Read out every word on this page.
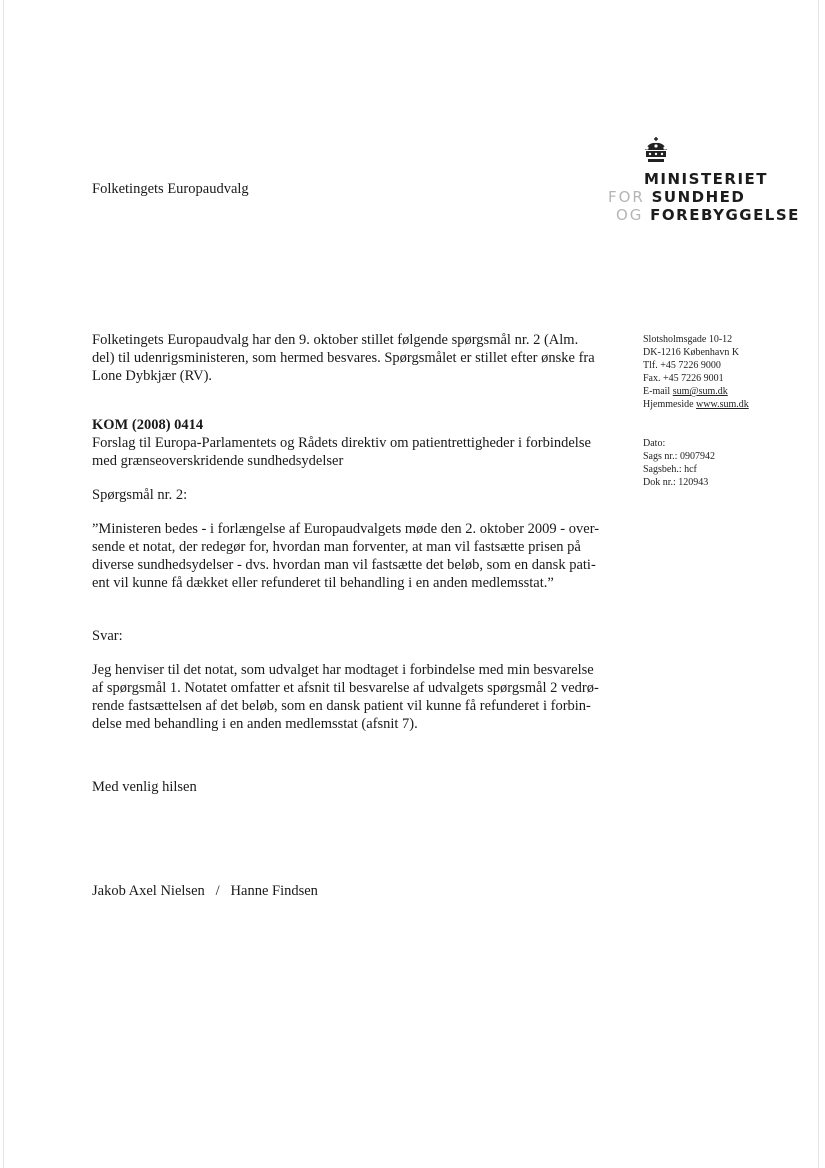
Folketingets Europaudvalg
MINISTERIET
FOR SUNDHED
OG FOREBYGGELSE
Slotsholmsgade 10-12
DK-1216 København K
Tlf. +45 7226 9000
Fax. +45 7226 9001
E-mail sum@sum.dk
Hjemmeside www.sum.dk
Dato:
Sags nr.: 0907942
Sagsbeh.: hcf
Dok nr.: 120943

Folketingets Europaudvalg har den 9. oktober stillet følgende spørgsmål nr. 2 (Alm.

del) til udenrigsministeren, som hermed besvares. Spørgsmålet er stillet efter ønske fra

Lone Dybkjær (RV).

KOM (2008) 0414

Forslag til Europa-Parlamentets og Rådets direktiv om patientrettigheder i forbindelse

med grænseoverskridende sundhedsydelser

Spørgsmål nr. 2:

”Ministeren bedes - i forlængelse af Europaudvalgets møde den 2. oktober 2009 - over-

sende et notat, der redegør for, hvordan man forventer, at man vil fastsætte prisen på

diverse sundhedsydelser - dvs. hvordan man vil fastsætte det beløb, som en dansk pati-

ent vil kunne få dækket eller refunderet til behandling i en anden medlemsstat.”

Svar:

Jeg henviser til det notat, som udvalget har modtaget i forbindelse med min besvarelse

af spørgsmål 1. Notatet omfatter et afsnit til besvarelse af udvalgets spørgsmål 2 vedrø-

rende fastsættelsen af det beløb, som en dansk patient vil kunne få refunderet i forbin-

delse med behandling i en anden medlemsstat (afsnit 7).

Med venlig hilsen
Jakob Axel Nielsen   /   Hanne Findsen
